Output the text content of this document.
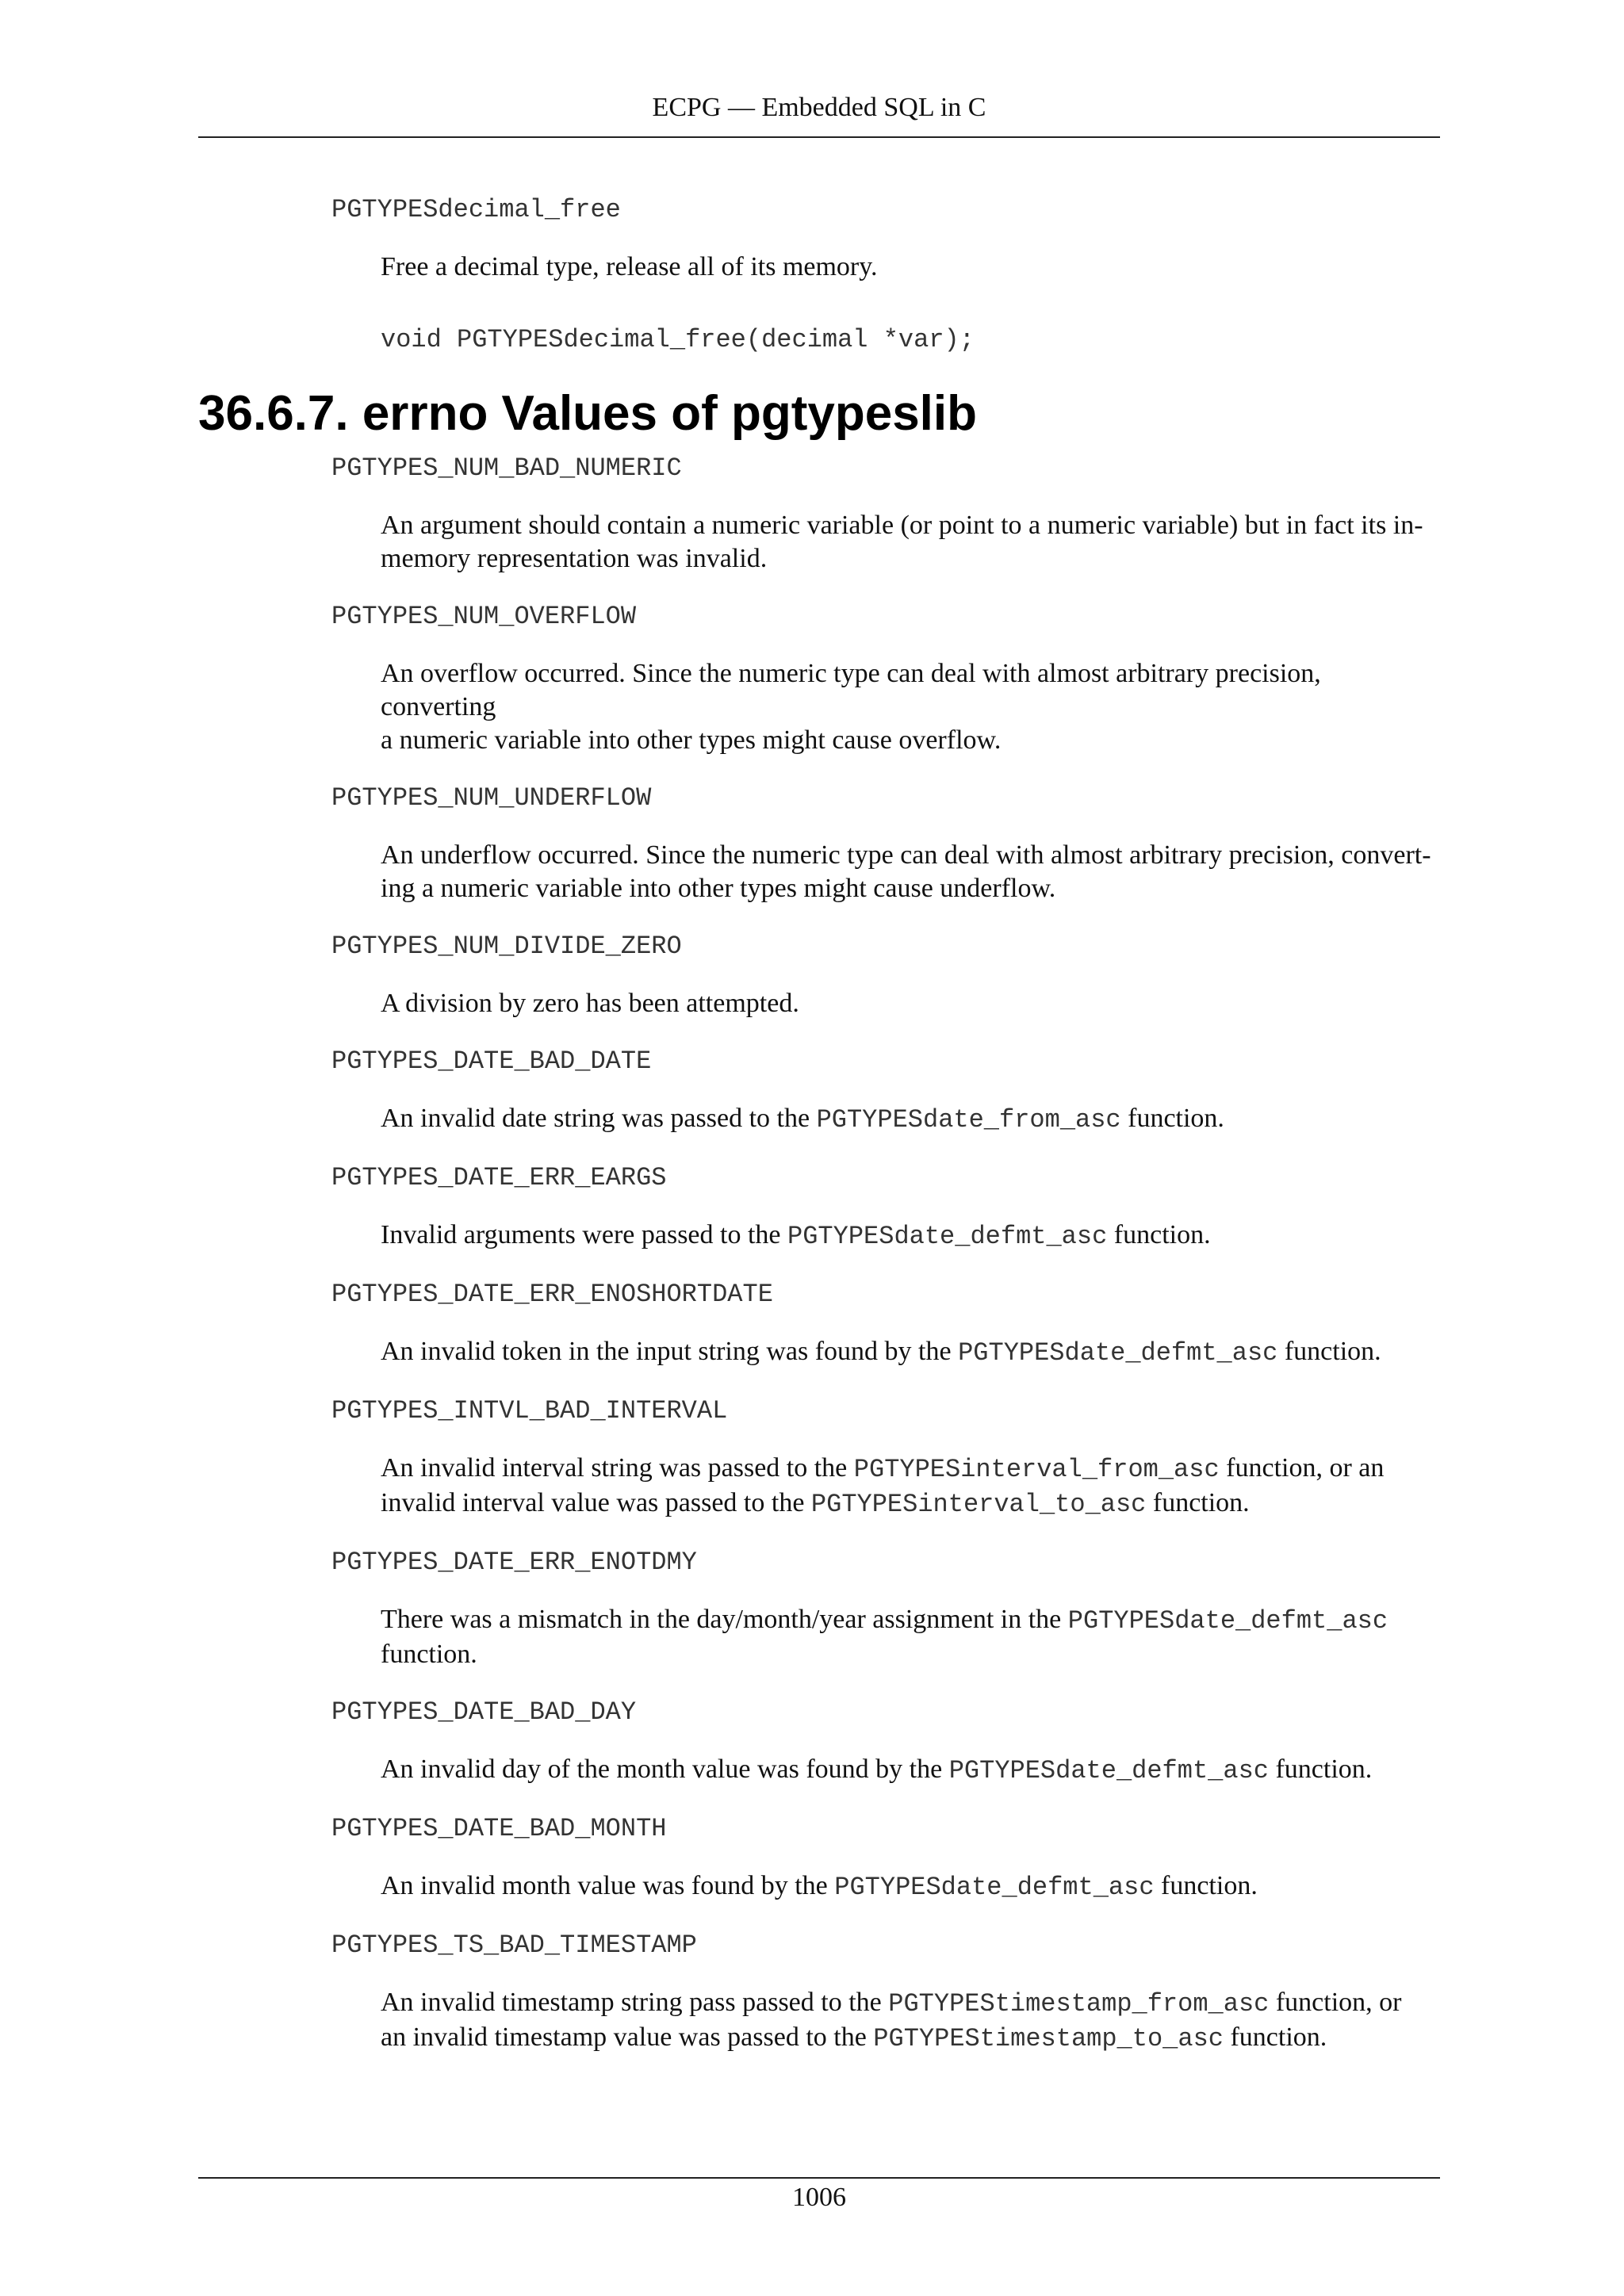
ECPG — Embedded SQL in C
PGTYPESdecimal_free
Free a decimal type, release all of its memory.
void PGTYPESdecimal_free(decimal *var);
36.6.7. errno Values of pgtypeslib
PGTYPES_NUM_BAD_NUMERIC
An argument should contain a numeric variable (or point to a numeric variable) but in fact its in-
memory representation was invalid.
PGTYPES_NUM_OVERFLOW
An overflow occurred. Since the numeric type can deal with almost arbitrary precision, converting
a numeric variable into other types might cause overflow.
PGTYPES_NUM_UNDERFLOW
An underflow occurred. Since the numeric type can deal with almost arbitrary precision, convert-
ing a numeric variable into other types might cause underflow.
PGTYPES_NUM_DIVIDE_ZERO
A division by zero has been attempted.
PGTYPES_DATE_BAD_DATE
An invalid date string was passed to the PGTYPESdate_from_asc function.
PGTYPES_DATE_ERR_EARGS
Invalid arguments were passed to the PGTYPESdate_defmt_asc function.
PGTYPES_DATE_ERR_ENOSHORTDATE
An invalid token in the input string was found by the PGTYPESdate_defmt_asc function.
PGTYPES_INTVL_BAD_INTERVAL
An invalid interval string was passed to the PGTYPESinterval_from_asc function, or an
invalid interval value was passed to the PGTYPESinterval_to_asc function.
PGTYPES_DATE_ERR_ENOTDMY
There was a mismatch in the day/month/year assignment in the PGTYPESdate_defmt_asc
function.
PGTYPES_DATE_BAD_DAY
An invalid day of the month value was found by the PGTYPESdate_defmt_asc function.
PGTYPES_DATE_BAD_MONTH
An invalid month value was found by the PGTYPESdate_defmt_asc function.
PGTYPES_TS_BAD_TIMESTAMP
An invalid timestamp string pass passed to the PGTYPEStimestamp_from_asc function, or
an invalid timestamp value was passed to the PGTYPEStimestamp_to_asc function.
1006
